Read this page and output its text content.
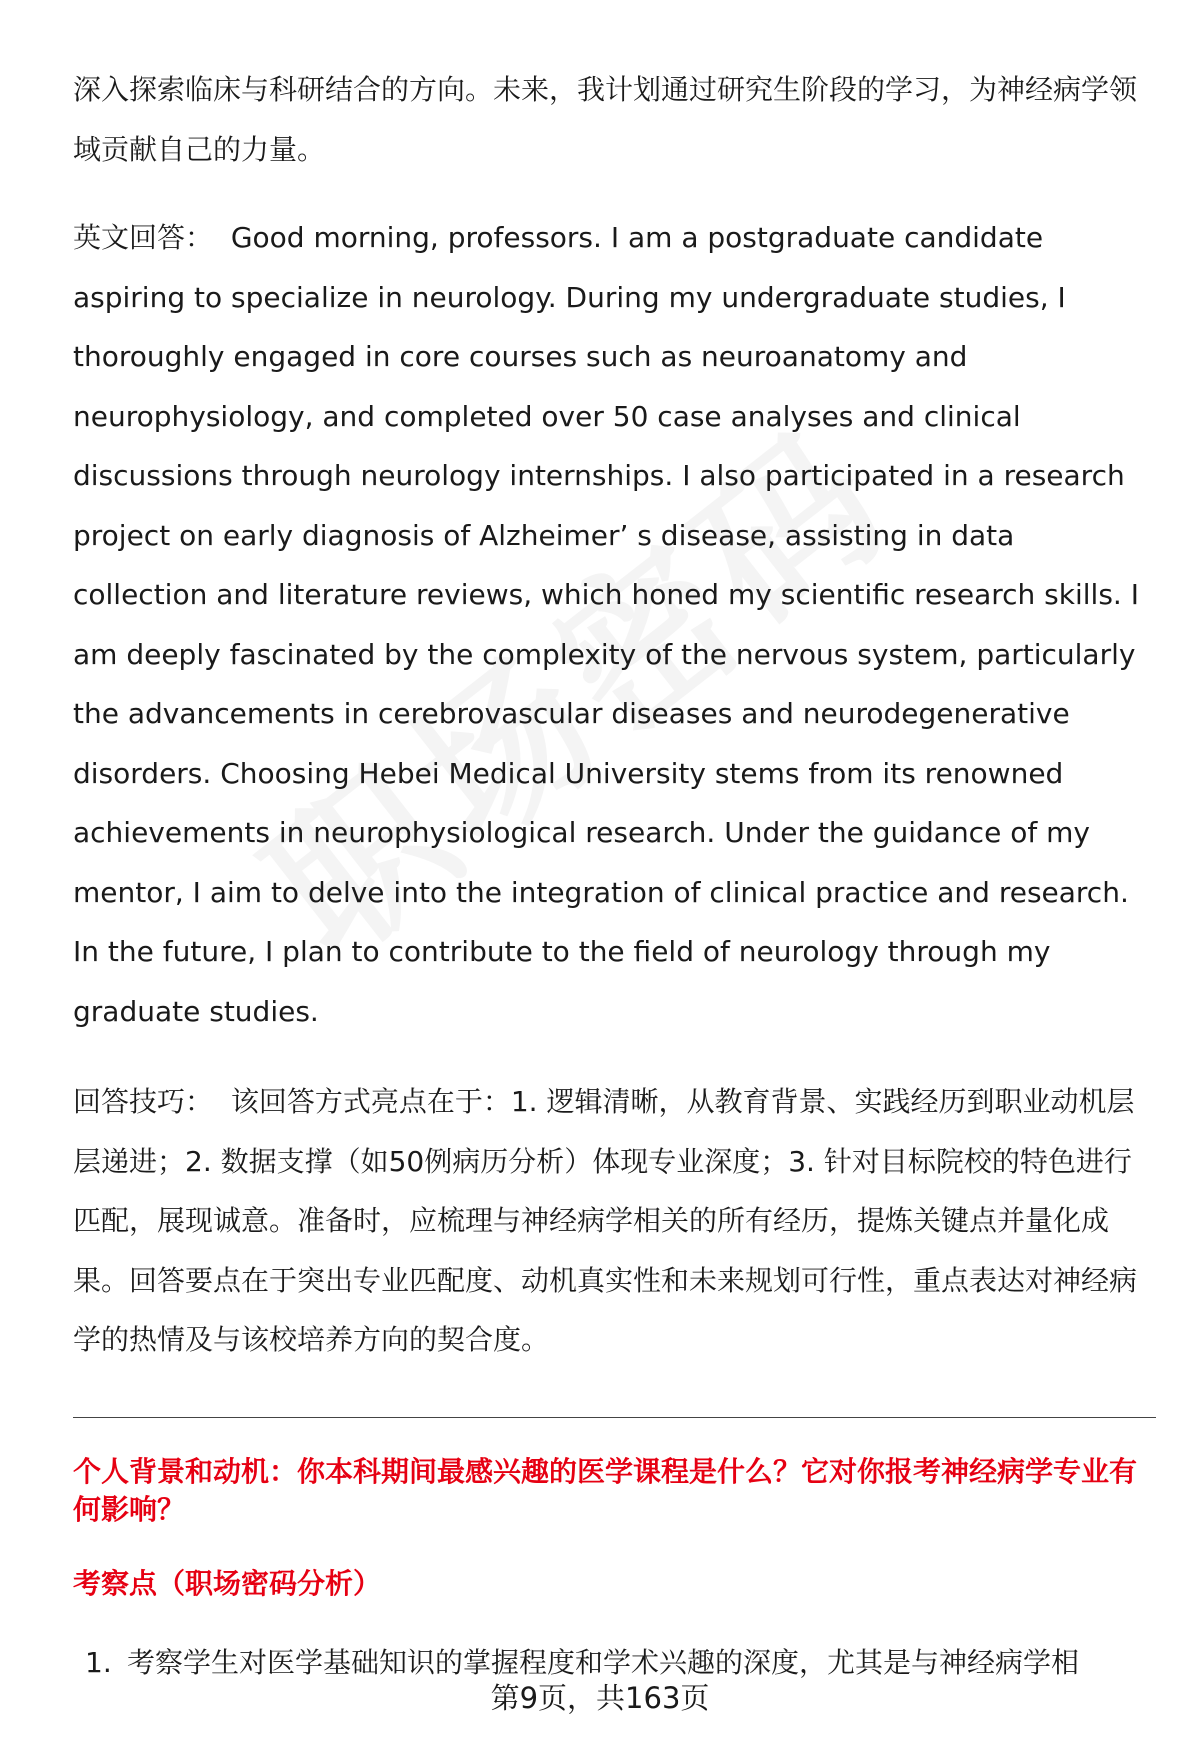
深入探索临床与科研结合的方向。未来，我计划通过研究生阶段的学习，为神经病学领域贡献自己的力量。

英文回答： Good morning, professors. I am a postgraduate candidate aspiring to specialize in neurology. During my undergraduate studies, I thoroughly engaged in core courses such as neuroanatomy and neurophysiology, and completed over 50 case analyses and clinical discussions through neurology internships. I also participated in a research project on early diagnosis of Alzheimer’ s disease, assisting in data collection and literature reviews, which honed my scientific research skills. I am deeply fascinated by the complexity of the nervous system, particularly the advancements in cerebrovascular diseases and neurodegenerative disorders. Choosing Hebei Medical University stems from its renowned achievements in neurophysiological research. Under the guidance of my mentor, I aim to delve into the integration of clinical practice and research. In the future, I plan to contribute to the field of neurology through my graduate studies.

回答技巧： 该回答方式亮点在于：1. 逻辑清晰，从教育背景、实践经历到职业动机层层递进；2. 数据支撑（如50例病历分析）体现专业深度；3. 针对目标院校的特色进行匹配，展现诚意。准备时，应梳理与神经病学相关的所有经历，提炼关键点并量化成果。回答要点在于突出专业匹配度、动机真实性和未来规划可行性，重点表达对神经病学的热情及与该校培养方向的契合度。

个人背景和动机：你本科期间最感兴趣的医学课程是什么？它对你报考神经病学专业有何影响？
考察点（职场密码分析）

1. 考察学生对医学基础知识的掌握程度和学术兴趣的深度，尤其是与神经病学相

第9页，共163页
